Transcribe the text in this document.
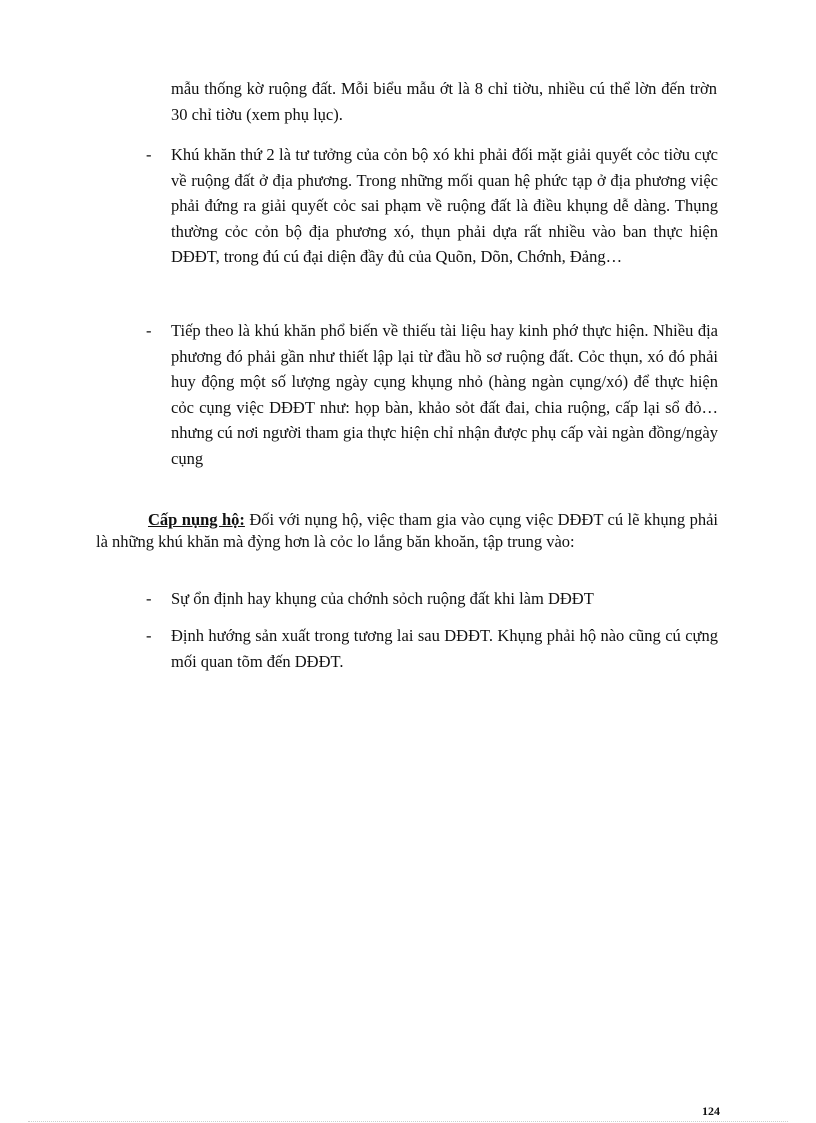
mẫu thống kờ ruộng đất. Mỗi biểu mẫu ớt là 8 chỉ tiờu, nhiều cú thể lờn đến trờn 30 chỉ tiờu (xem phụ lục).
-	Khú khăn thứ 2 là tư tưởng của cỏn bộ xó khi phải đối mặt giải quyết cỏc tiờu cực về ruộng đất ở địa phương. Trong những mối quan hệ phức tạp ở địa phương việc phải đứng ra giải quyết cỏc sai phạm về ruộng đất là điều khụng dễ dàng. Thụng thường cỏc cỏn bộ địa phương xó, thụn phải dựa rất nhiều vào ban thực hiện DĐĐT, trong đú cú đại diện đầy đủ của Quõn, Dõn, Chớnh, Đảng…
-	Tiếp theo là khú khăn phổ biến về thiếu tài liệu hay kinh phớ thực hiện. Nhiều địa phương đó phải gần như thiết lập lại từ đầu hồ sơ ruộng đất. Cỏc thụn, xó đó phải huy động một số lượng ngày cụng khụng nhỏ (hàng ngàn cụng/xó) để thực hiện cỏc cụng việc DĐĐT như: họp bàn, khảo sỏt đất đai, chia ruộng, cấp lại sổ đỏ…nhưng cú nơi người tham gia thực hiện chỉ nhận được phụ cấp vài ngàn đồng/ngày cụng
Cấp nụng hộ: Đối với nụng hộ, việc tham gia vào cụng việc DĐĐT cú lẽ khụng phải là những khú khăn mà đỳng hơn là cỏc lo lắng băn khoăn, tập trung vào:
-	Sự ổn định hay khụng của chớnh sỏch ruộng đất khi làm DĐĐT
-	Định hướng sản xuất trong tương lai sau DĐĐT. Khụng phải hộ nào cũng cú cựng mối quan tõm đến DĐĐT.
124
